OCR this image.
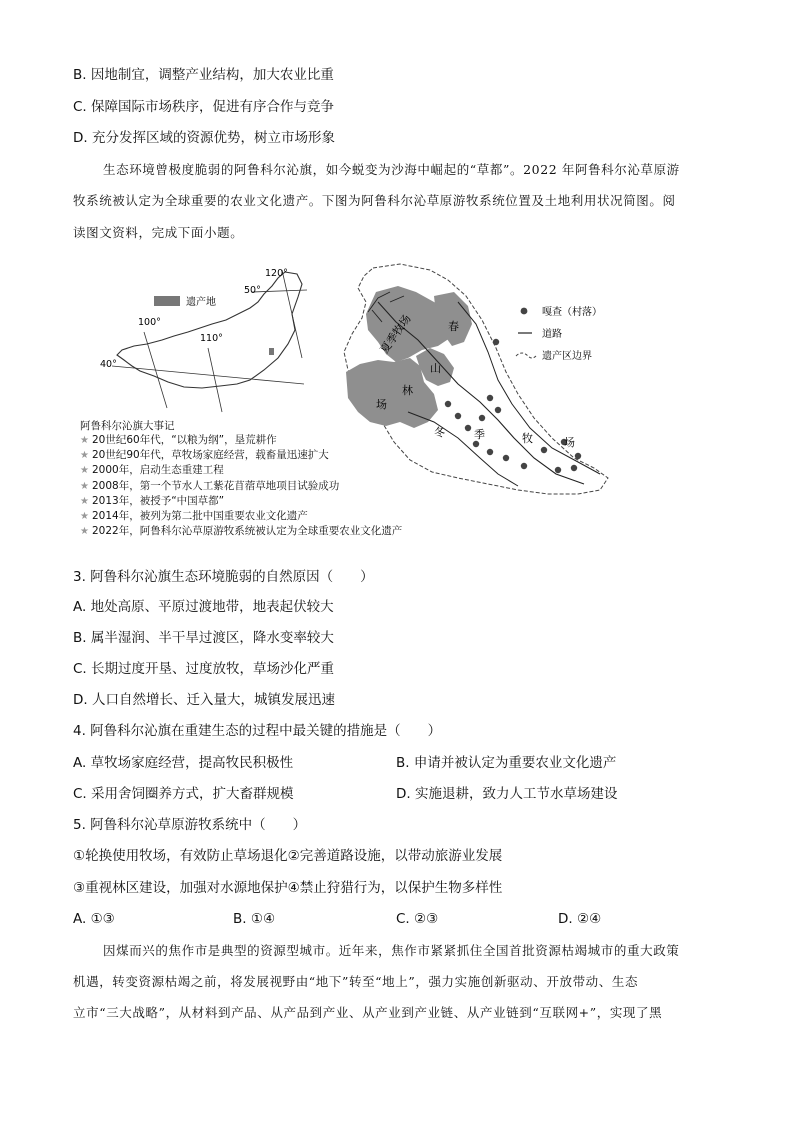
B. 因地制宜，调整产业结构，加大农业比重
C. 保障国际市场秩序，促进有序合作与竞争
D. 充分发挥区域的资源优势，树立市场形象
生态环境曾极度脆弱的阿鲁科尔沁旗，如今蜕变为沙海中崛起的“草都”。2022 年阿鲁科尔沁草原游
牧系统被认定为全球重要的农业文化遗产。下图为阿鲁科尔沁草原游牧系统位置及土地利用状况简图。阅
读图文资料，完成下面小题。
遗产地
120°
50°
100°
110°
40°
夏季牧场	春
山
林
场
冬	季	牧	场
嘎查（村落）
道路
遗产区边界
阿鲁科尔沁旗大事记
★ 20世纪60年代，“以粮为纲”，垦荒耕作
★ 20世纪90年代，草牧场家庭经营，载畜量迅速扩大
★ 2000年，启动生态重建工程
★ 2008年，第一个节水人工紫花苜蓿草地项目试验成功
★ 2013年，被授予“中国草都”
★ 2014年，被列为第二批中国重要农业文化遗产
★ 2022年，阿鲁科尔沁草原游牧系统被认定为全球重要农业文化遗产
3. 阿鲁科尔沁旗生态环境脆弱的自然原因（　　）
A. 地处高原、平原过渡地带，地表起伏较大
B. 属半湿润、半干旱过渡区，降水变率较大
C. 长期过度开垦、过度放牧，草场沙化严重
D. 人口自然增长、迁入量大，城镇发展迅速
4. 阿鲁科尔沁旗在重建生态的过程中最关键的措施是（　　）
A. 草牧场家庭经营，提高牧民积极性	B. 申请并被认定为重要农业文化遗产
C. 采用舍饲圈养方式，扩大畜群规模	D. 实施退耕，致力人工节水草场建设
5. 阿鲁科尔沁草原游牧系统中（　　）
①轮换使用牧场，有效防止草场退化②完善道路设施，以带动旅游业发展
③重视林区建设，加强对水源地保护④禁止狩猎行为，以保护生物多样性
A. ①③	B. ①④	C. ②③	D. ②④
因煤而兴的焦作市是典型的资源型城市。近年来，焦作市紧紧抓住全国首批资源枯竭城市的重大政策
机遇，转变资源枯竭之前，将发展视野由“地下”转至“地上”，强力实施创新驱动、开放带动、生态
立市“三大战略”，从材料到产品、从产品到产业、从产业到产业链、从产业链到“互联网+”，实现了黑
